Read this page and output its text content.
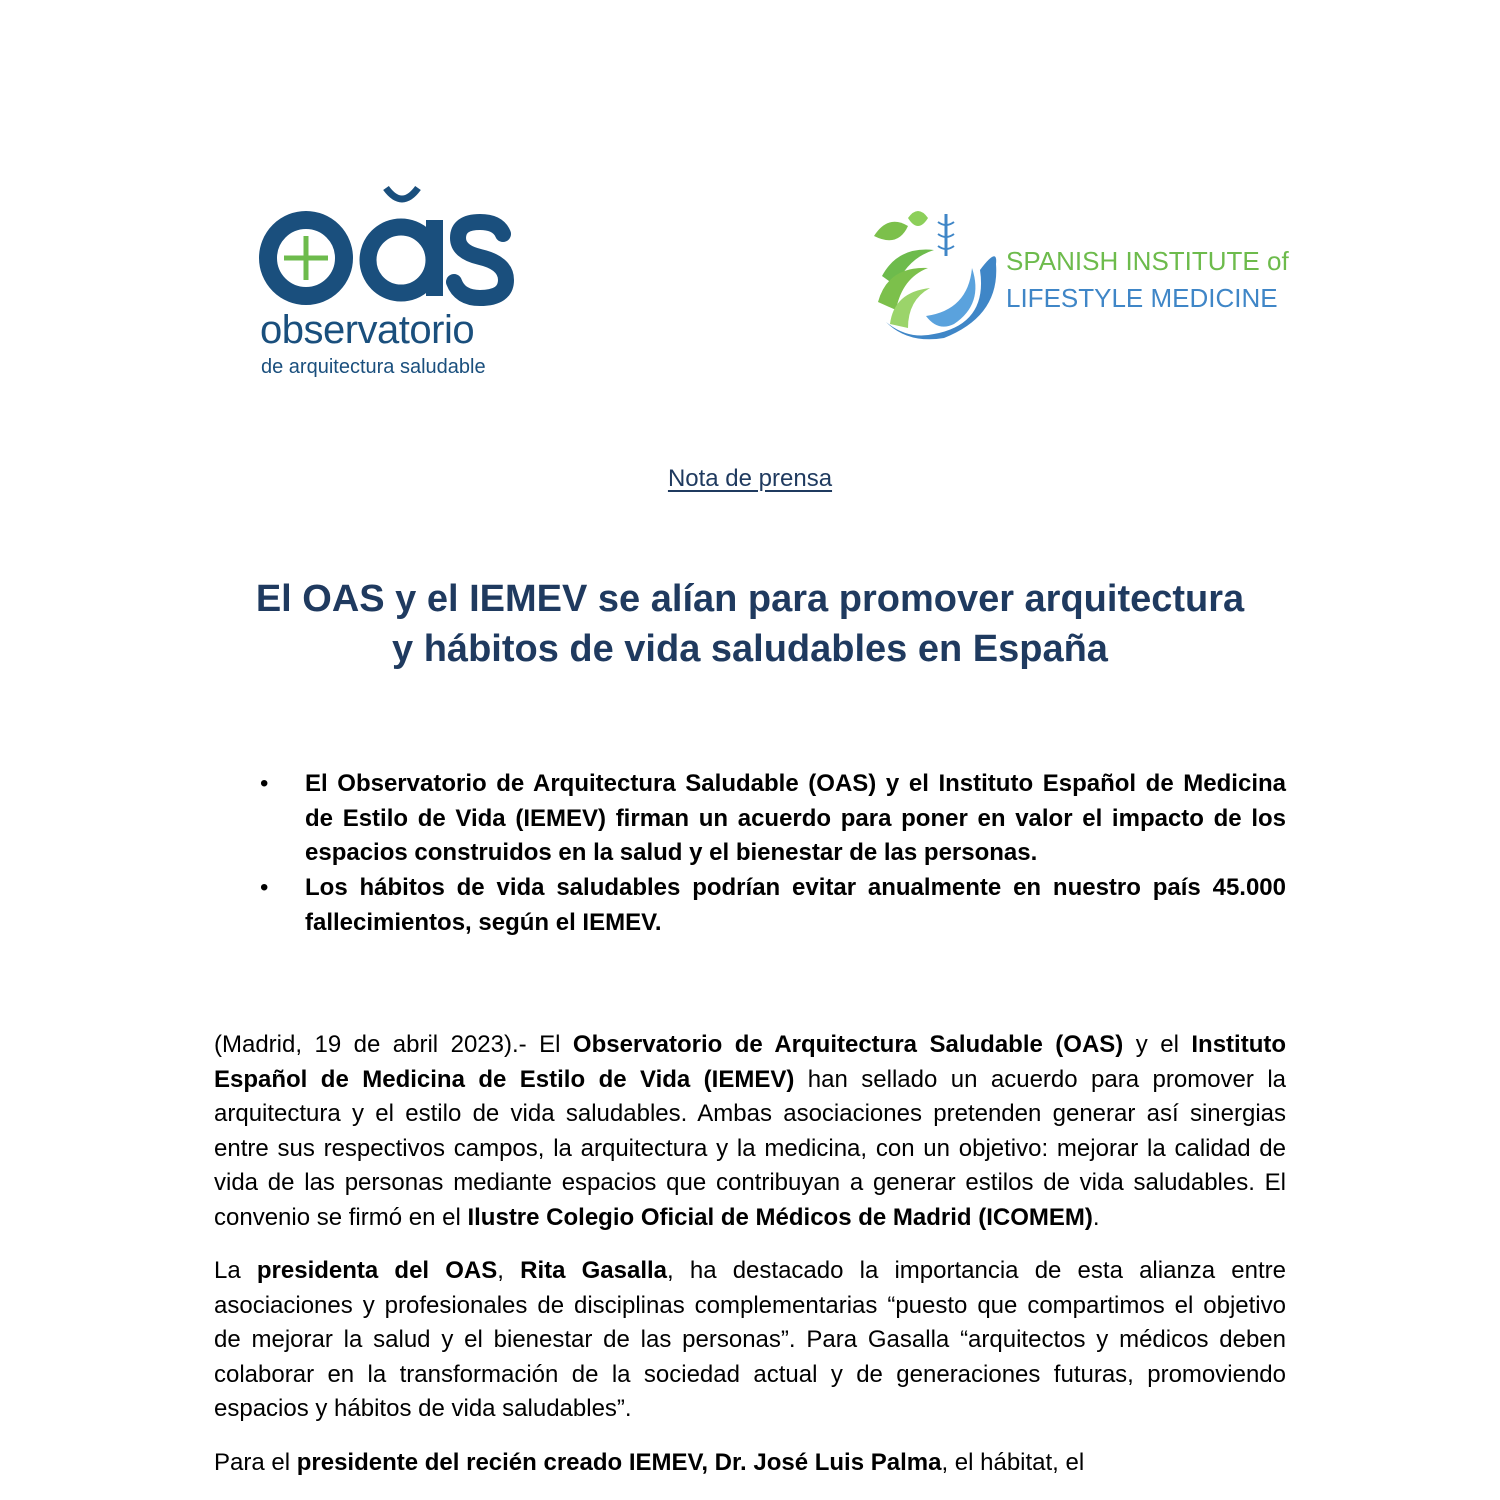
observatorio
de arquitectura saludable
SPANISH INSTITUTE of
LIFESTYLE MEDICINE
Nota de prensa
El OAS y el IEMEV se alían para promover arquitectura
y hábitos de vida saludables en España
• El Observatorio de Arquitectura Saludable (OAS) y el Instituto Español de Medicina de Estilo de Vida (IEMEV) firman un acuerdo para poner en valor el impacto de los espacios construidos en la salud y el bienestar de las personas.
• Los hábitos de vida saludables podrían evitar anualmente en nuestro país 45.000 fallecimientos, según el IEMEV.

(Madrid, 19 de abril 2023).- El Observatorio de Arquitectura Saludable (OAS) y el Instituto Español de Medicina de Estilo de Vida (IEMEV) han sellado un acuerdo para promover la arquitectura y el estilo de vida saludables. Ambas asociaciones pretenden generar así sinergias entre sus respectivos campos, la arquitectura y la medicina, con un objetivo: mejorar la calidad de vida de las personas mediante espacios que contribuyan a generar estilos de vida saludables. El convenio se firmó en el Ilustre Colegio Oficial de Médicos de Madrid (ICOMEM).

La presidenta del OAS, Rita Gasalla, ha destacado la importancia de esta alianza entre asociaciones y profesionales de disciplinas complementarias “puesto que compartimos el objetivo de mejorar la salud y el bienestar de las personas”. Para Gasalla “arquitectos y médicos deben colaborar en la transformación de la sociedad actual y de generaciones futuras, promoviendo espacios y hábitos de vida saludables”.

Para el presidente del recién creado IEMEV, Dr. José Luis Palma, el hábitat, el
